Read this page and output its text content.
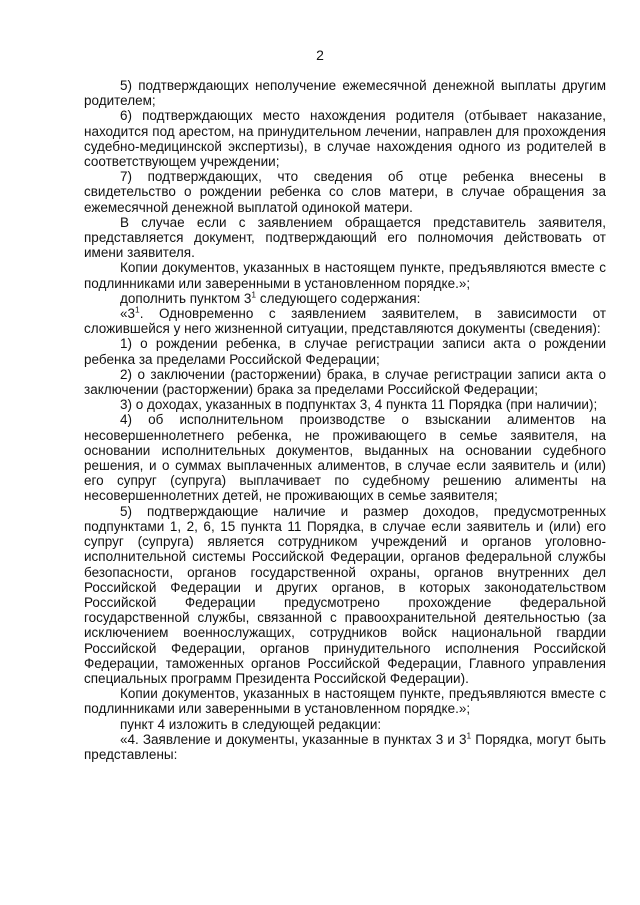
2

5) подтверждающих неполучение ежемесячной денежной выплаты другим родителем;

6) подтверждающих место нахождения родителя (отбывает наказание, находится под арестом, на принудительном лечении, направлен для прохождения судебно-медицинской экспертизы), в случае нахождения одного из родителей в соответствующем учреждении;

7) подтверждающих, что сведения об отце ребенка внесены в свидетельство о рождении ребенка со слов матери, в случае обращения за ежемесячной денежной выплатой одинокой матери.

В случае если с заявлением обращается представитель заявителя, представляется документ, подтверждающий его полномочия действовать от имени заявителя.

Копии документов, указанных в настоящем пункте, предъявляются вместе с подлинниками или заверенными в установленном порядке.»;

дополнить пунктом $3^1$ следующего содержания:

«$3^1$. Одновременно с заявлением заявителем, в зависимости от сложившейся у него жизненной ситуации, представляются документы (сведения):

1) о рождении ребенка, в случае регистрации записи акта о рождении ребенка за пределами Российской Федерации;

2) о заключении (расторжении) брака, в случае регистрации записи акта о заключении (расторжении) брака за пределами Российской Федерации;

3) о доходах, указанных в подпунктах 3, 4 пункта 11 Порядка (при наличии);

4) об исполнительном производстве о взыскании алиментов на несовершеннолетнего ребенка, не проживающего в семье заявителя, на основании исполнительных документов, выданных на основании судебного решения, и о суммах выплаченных алиментов, в случае если заявитель и (или) его супруг (супруга) выплачивает по судебному решению алименты на несовершеннолетних детей, не проживающих в семье заявителя;

5) подтверждающие наличие и размер доходов, предусмотренных подпунктами 1, 2, 6, 15 пункта 11 Порядка, в случае если заявитель и (или) его супруг (супруга) является сотрудником учреждений и органов уголовно-исполнительной системы Российской Федерации, органов федеральной службы безопасности, органов государственной охраны, органов внутренних дел Российской Федерации и других органов, в которых законодательством Российской Федерации предусмотрено прохождение федеральной государственной службы, связанной с правоохранительной деятельностью (за исключением военнослужащих, сотрудников войск национальной гвардии Российской Федерации, органов принудительного исполнения Российской Федерации, таможенных органов Российской Федерации, Главного управления специальных программ Президента Российской Федерации).

Копии документов, указанных в настоящем пункте, предъявляются вместе с подлинниками или заверенными в установленном порядке.»;

пункт 4 изложить в следующей редакции:

«4. Заявление и документы, указанные в пунктах 3 и $3^1$ Порядка, могут быть представлены:
